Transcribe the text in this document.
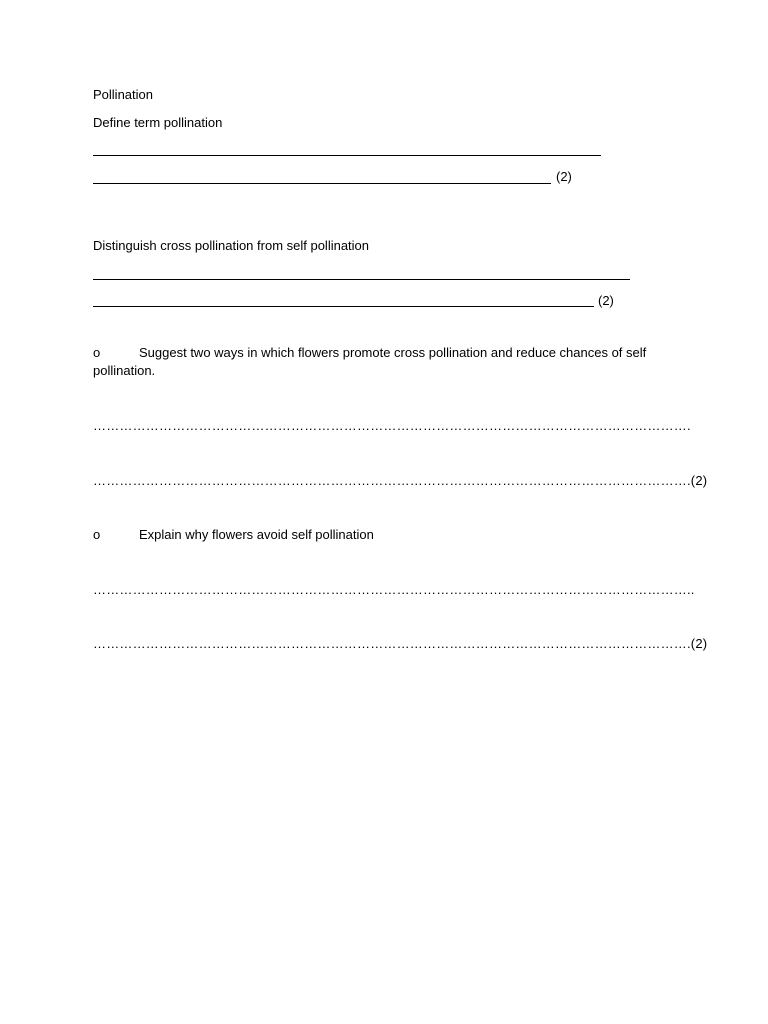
Pollination
Define term pollination
(2)
Distinguish cross pollination from self pollination
(2)
o	Suggest two ways in which flowers promote cross pollination and reduce chances of self pollination.
……………………………………………………………………………………………………………………….
……………………………………………………………………………………………………………………….(2)
o	Explain why flowers avoid self pollination
………………………………………………………………………………………………………………………..
……………………………………………………………………………………………………………………….(2)
